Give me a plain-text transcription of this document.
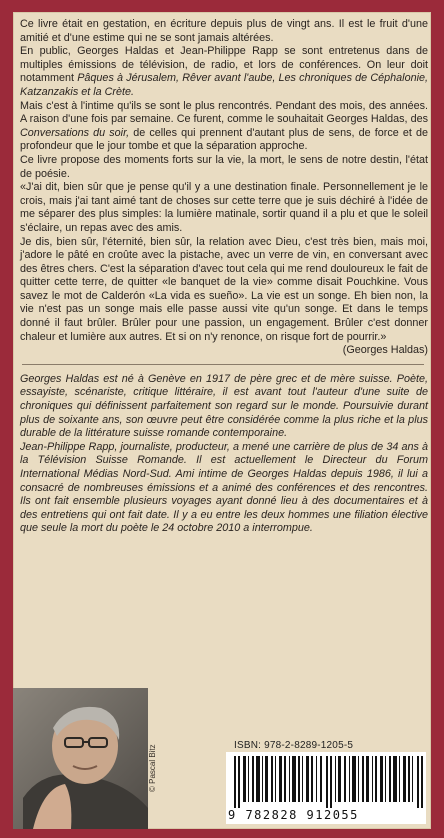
Ce livre était en gestation, en écriture depuis plus de vingt ans. Il est le fruit d'une amitié et d'une estime qui ne se sont jamais altérées.

En public, Georges Haldas et Jean-Philippe Rapp se sont entretenus dans de multiples émissions de télévision, de radio, et lors de conférences. On leur doit notamment Pâques à Jérusalem, Rêver avant l'aube, Les chroniques de Céphalonie, Katzanzakis et la Crète.

Mais c'est à l'intime qu'ils se sont le plus rencontrés. Pendant des mois, des années. A raison d'une fois par semaine. Ce furent, comme le souhaitait Georges Haldas, des Conversations du soir, de celles qui prennent d'autant plus de sens, de force et de profondeur que le jour tombe et que la séparation approche.

Ce livre propose des moments forts sur la vie, la mort, le sens de notre destin, l'état de poésie.

«J'ai dit, bien sûr que je pense qu'il y a une destination finale. Personnellement je le crois, mais j'ai tant aimé tant de choses sur cette terre que je suis déchiré à l'idée de me séparer des plus simples: la lumière matinale, sortir quand il a plu et que le soleil s'éclaire, un repas avec des amis.

Je dis, bien sûr, l'éternité, bien sûr, la relation avec Dieu, c'est très bien, mais moi, j'adore le pâté en croûte avec la pistache, avec un verre de vin, en conversant avec des êtres chers. C'est la séparation d'avec tout cela qui me rend douloureux le fait de quitter cette terre, de quitter «le banquet de la vie» comme disait Pouchkine. Vous savez le mot de Calderón «La vida es sueño». La vie est un songe. Eh bien non, la vie n'est pas un songe mais elle passe aussi vite qu'un songe. Et dans le temps donné il faut brûler. Brûler pour une passion, un engagement. Brûler c'est donner chaleur et lumière aux autres. Et si on n'y renonce, on risque fort de pourrir.»
(Georges Haldas)

Georges Haldas est né à Genève en 1917 de père grec et de mère suisse. Poète, essayiste, scénariste, critique littéraire, il est avant tout l'auteur d'une suite de chroniques qui définissent parfaitement son regard sur le monde. Poursuivie durant plus de soixante ans, son œuvre peut être considérée comme la plus riche et la plus durable de la littérature suisse romande contemporaine.

Jean-Philippe Rapp, journaliste, producteur, a mené une carrière de plus de 34 ans à la Télévision Suisse Romande. Il est actuellement le Directeur du Forum International Médias Nord-Sud. Ami intime de Georges Haldas depuis 1986, il lui a consacré de nombreuses émissions et a animé des conférences et des rencontres. Ils ont fait ensemble plusieurs voyages ayant donné lieu à des documentaires et à des entretiens qui ont fait date. Il y a eu entre les deux hommes une filiation élective que seule la mort du poète le 24 octobre 2010 a interrompue.

© Pascal Bitz	ISBN: 978-2-8289-1205-5
9 782828 912055
